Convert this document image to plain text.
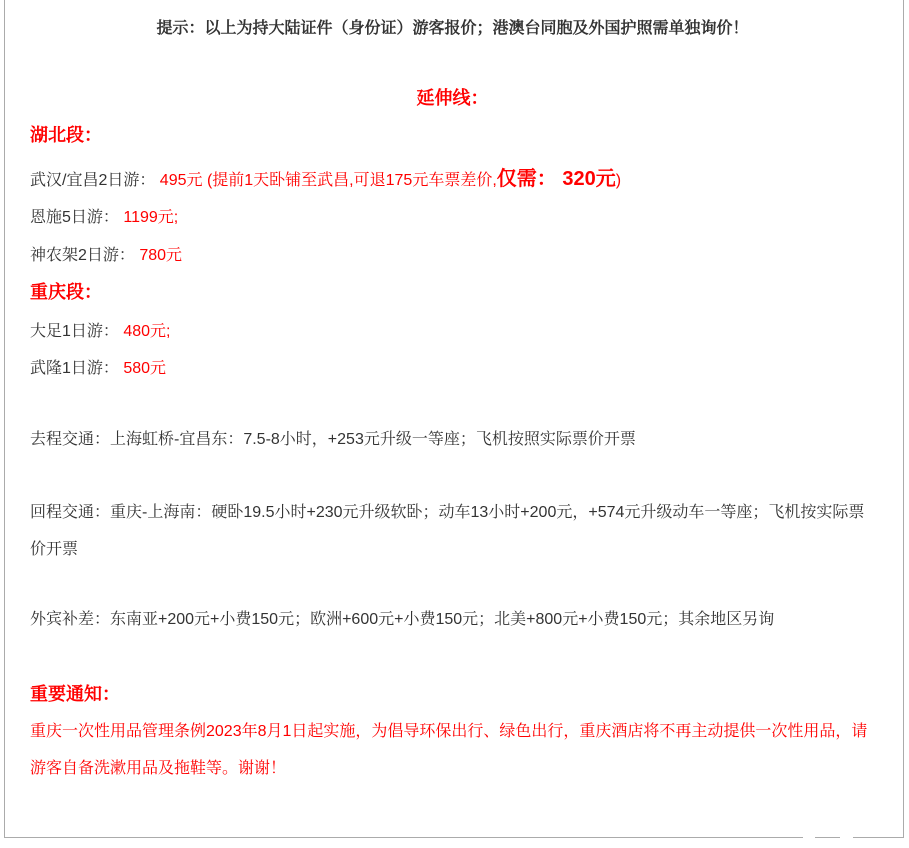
提示：以上为持大陆证件（身份证）游客报价；港澳台同胞及外国护照需单独询价！

延伸线：

湖北段：

武汉/宜昌2日游： 495元 (提前1天卧铺至武昌,可退175元车票差价,仅需： 320元)

恩施5日游： 1199元;

神农架2日游： 780元

重庆段：

大足1日游： 480元;

武隆1日游： 580元

去程交通：上海虹桥-宜昌东：7.5-8小时，+253元升级一等座；飞机按照实际票价开票

回程交通：重庆-上海南：硬卧19.5小时+230元升级软卧；动车13小时+200元，+574元升级动车一等座；飞机按实际票价开票

外宾补差：东南亚+200元+小费150元；欧洲+600元+小费150元；北美+800元+小费150元；其余地区另询

重要通知：

重庆一次性用品管理条例2023年8月1日起实施，为倡导环保出行、绿色出行，重庆酒店将不再主动提供一次性用品，请游客自备洗漱用品及拖鞋等。谢谢！
